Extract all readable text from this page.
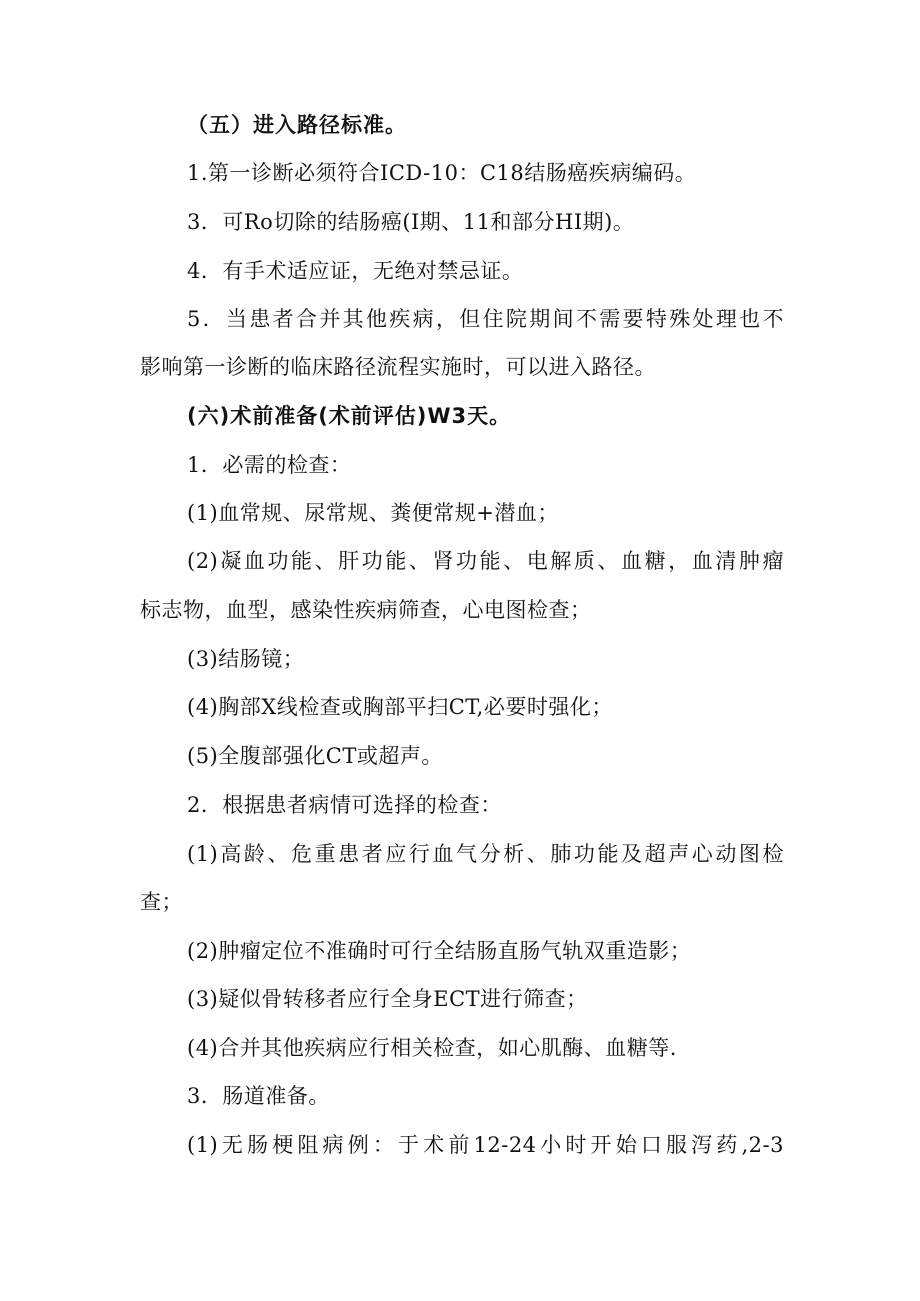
（五）进入路径标准。
1.第一诊断必须符合ICD-10：C18结肠癌疾病编码。
3．可Ro切除的结肠癌(I期、11和部分HI期)。
4．有手术适应证，无绝对禁忌证。
5．当患者合并其他疾病，但住院期间不需要特殊处理也不
影响第一诊断的临床路径流程实施时，可以进入路径。
(六)术前准备(术前评估)W3天。
1．必需的检查：
(1)血常规、尿常规、粪便常规+潜血；
(2)凝血功能、肝功能、肾功能、电解质、血糖，血清肿瘤
标志物，血型，感染性疾病筛查，心电图检查；
(3)结肠镜；
(4)胸部X线检查或胸部平扫CT,必要时强化；
(5)全腹部强化CT或超声。
2．根据患者病情可选择的检查：
(1)高龄、危重患者应行血气分析、肺功能及超声心动图检
查；
(2)肿瘤定位不准确时可行全结肠直肠气轨双重造影；
(3)疑似骨转移者应行全身ECT进行筛查；
(4)合并其他疾病应行相关检查，如心肌酶、血糖等.
3．肠道准备。
(1)无肠梗阻病例：于术前12-24小时开始口服泻药,2-3
